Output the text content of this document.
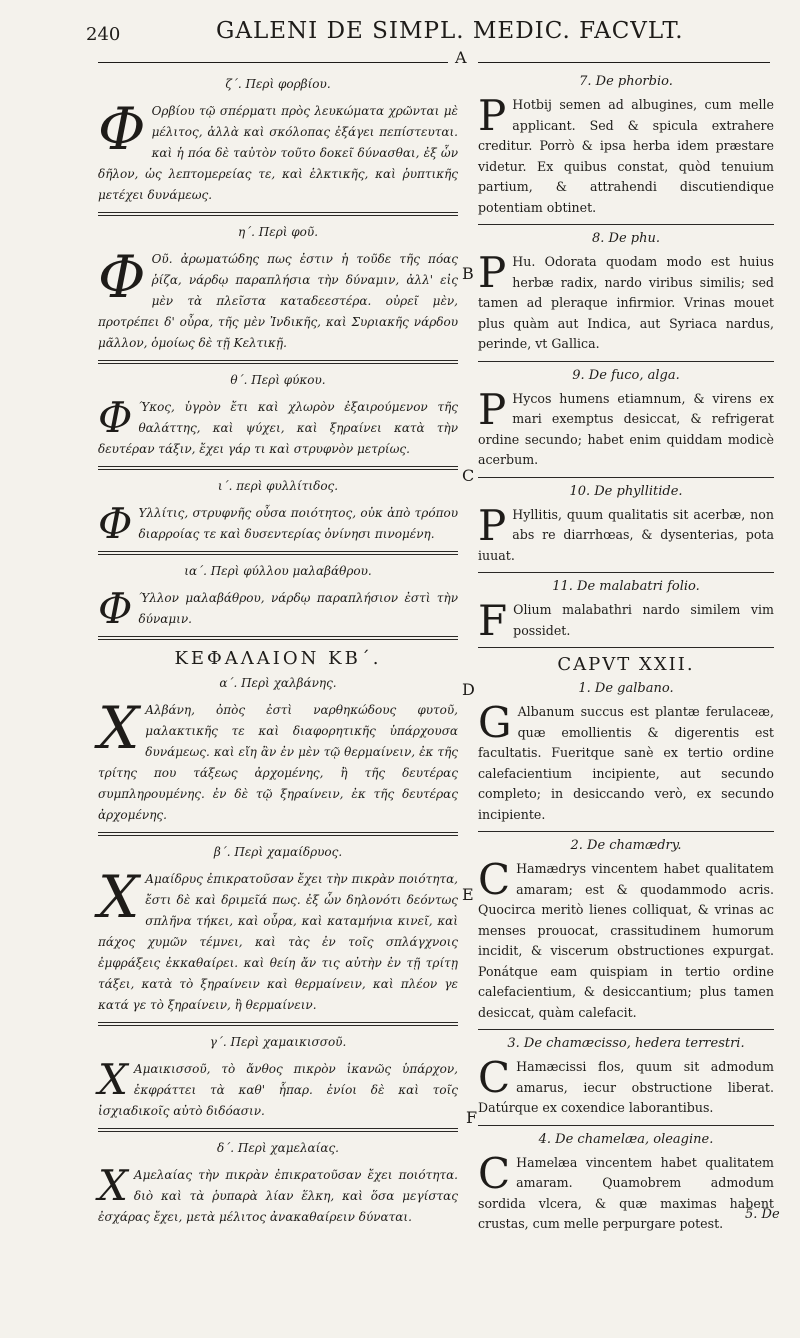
240	GALENI DE SIMPL. MEDIC. FACVLT.
A
B
C
D
E
F
ζ΄. Περὶ φορβίου.
Φ Ορβίου τῷ σπέρματι πρὸς λευκώματα χρῶνται μὲ μέλιτος, ἀλλὰ καὶ σκόλοπας ἐξάγει πεπίστευται. καὶ ἡ πόα δὲ ταὐτὸν τοῦτο δοκεῖ δύνασθαι, ἐξ ὧν δῆλον, ὡς λεπτομερείας τε, καὶ ἑλκτικῆς, καὶ ῥυπτικῆς μετέχει δυνάμεως.
η΄. Περὶ φοῦ.
Φ Οῦ. ἀρωματώδης πως ἐστιν ἡ τοῦδε τῆς πόας ῥίζα, νάρδῳ παραπλήσια τὴν δύναμιν, ἀλλ' εἰς μὲν τὰ πλεῖστα καταδεεστέρα. οὐρεῖ μὲν, προτρέπει δ' οὖρα, τῆς μὲν Ἰνδικῆς, καὶ Συριακῆς νάρδου μᾶλλον, ὁμοίως δὲ τῇ Κελτικῇ.
θ΄. Περὶ φύκου.
Φ Ύκος, ὑγρὸν ἔτι καὶ χλωρὸν ἐξαιρούμενον τῆς θαλάττης, καὶ ψύχει, καὶ ξηραίνει κατὰ τὴν δευτέραν τάξιν, ἔχει γάρ τι καὶ στρυφνὸν μετρίως.
ι΄. περὶ φυλλίτιδος.
Φ Υλλίτις, στρυφνῆς οὖσα ποιότητος, οὐκ ἀπὸ τρόπου διαρροίας τε καὶ δυσεντερίας ὀνίνησι πινομένη.
ια΄. Περὶ φύλλου μαλαβάθρου.
Φ Ύλλον μαλαβάθρου, νάρδῳ παραπλήσιον ἐστὶ τὴν δύναμιν.
ΚΕΦΑΛΑΙΟΝ ΚΒ΄.
α΄. Περὶ χαλβάνης.
Χ Αλβάνη, ὀπὸς ἐστὶ ναρθηκώδους φυτοῦ, μαλακτικῆς τε καὶ διαφορητικῆς ὑπάρχουσα δυνάμεως. καὶ εἴη ἂν ἐν μὲν τῷ θερμαίνειν, ἐκ τῆς τρίτης που τάξεως ἀρχομένης, ἢ τῆς δευτέρας συμπληρουμένης. ἐν δὲ τῷ ξηραίνειν, ἐκ τῆς δευτέρας ἀρχομένης.
β΄. Περὶ χαμαίδρυος.
Χ Αμαίδρυς ἐπικρατοῦσαν ἔχει τὴν πικρὰν ποιότητα, ἔστι δὲ καὶ δριμεῖά πως. ἐξ ὧν δηλονότι δεόντως σπλῆνα τήκει, καὶ οὖρα, καὶ καταμήνια κινεῖ, καὶ πάχος χυμῶν τέμνει, καὶ τὰς ἐν τοῖς σπλάγχνοις ἐμφράξεις ἐκκαθαίρει. καὶ θείη ἄν τις αὐτὴν ἐν τῇ τρίτῃ τάξει, κατὰ τὸ ξηραίνειν καὶ θερμαίνειν, καὶ πλέον γε κατά γε τὸ ξηραίνειν, ἢ θερμαίνειν.
γ΄. Περὶ χαμαικισσοῦ.
Χ Αμαικισσοῦ, τὸ ἄνθος πικρὸν ἱκανῶς ὑπάρχον, ἐκφράττει τὰ καθ' ἧπαρ. ἐνίοι δὲ καὶ τοῖς ἰσχιαδικοῖς αὐτὸ διδόασιν.
δ΄. Περὶ χαμελαίας.
Χ Αμελαίας τὴν πικρὰν ἐπικρατοῦσαν ἔχει ποιότητα. διὸ καὶ τὰ ῥυπαρὰ λίαν ἕλκη, καὶ ὅσα μεγίστας ἐσχάρας ἔχει, μετὰ μέλιτος ἀνακαθαίρειν δύναται.
7. De phorbio.
P Hotbij semen ad albugines, cum melle applicant. Sed & spicula extrahere creditur. Porrò & ipsa herba idem præstare videtur. Ex quibus constat, quòd tenuium partium, & attrahendi discutiendique potentiam obtinet.
8. De phu.
P Hu. Odorata quodam modo est huius herbæ radix, nardo viribus similis; sed tamen ad pleraque infirmior. Vrinas mouet plus quàm aut Indica, aut Syriaca nardus, perinde, vt Gallica.
9. De fuco, alga.
P Hycos humens etiamnum, & virens ex mari exemptus desiccat, & refrigerat ordine secundo; habet enim quiddam modicè acerbum.
10. De phyllitide.
P Hyllitis, quum qualitatis sit acerbæ, non abs re diarrhœas, & dysenterias, pota iuuat.
11. De malabatri folio.
F Olium malabathri nardo similem vim possidet.
CAPVT XXII.
1. De galbano.
G Albanum succus est plantæ ferulaceæ, quæ emollientis & digerentis est facultatis. Fueritque sanè ex tertio ordine calefacientium incipiente, aut secundo completo; in desiccando verò, ex secundo incipiente.
2. De chamædry.
C Hamædrys vincentem habet qualitatem amaram; est & quodammodo acris. Quocirca meritò lienes colliquat, & vrinas ac menses prouocat, crassitudinem humorum incidit, & viscerum obstructiones expurgat. Ponátque eam quispiam in tertio ordine calefacientium, & desiccantium; plus tamen desiccat, quàm calefacit.
3. De chamæcisso, hedera terrestri.
C Hamæcissi flos, quum sit admodum amarus, iecur obstructione liberat. Datúrque ex coxendice laborantibus.
4. De chamelæa, oleagine.
C Hamelæa vincentem habet qualitatem amaram. Quamobrem admodum sordida vlcera, & quæ maximas habent crustas, cum melle perpurgare potest.
5. De
